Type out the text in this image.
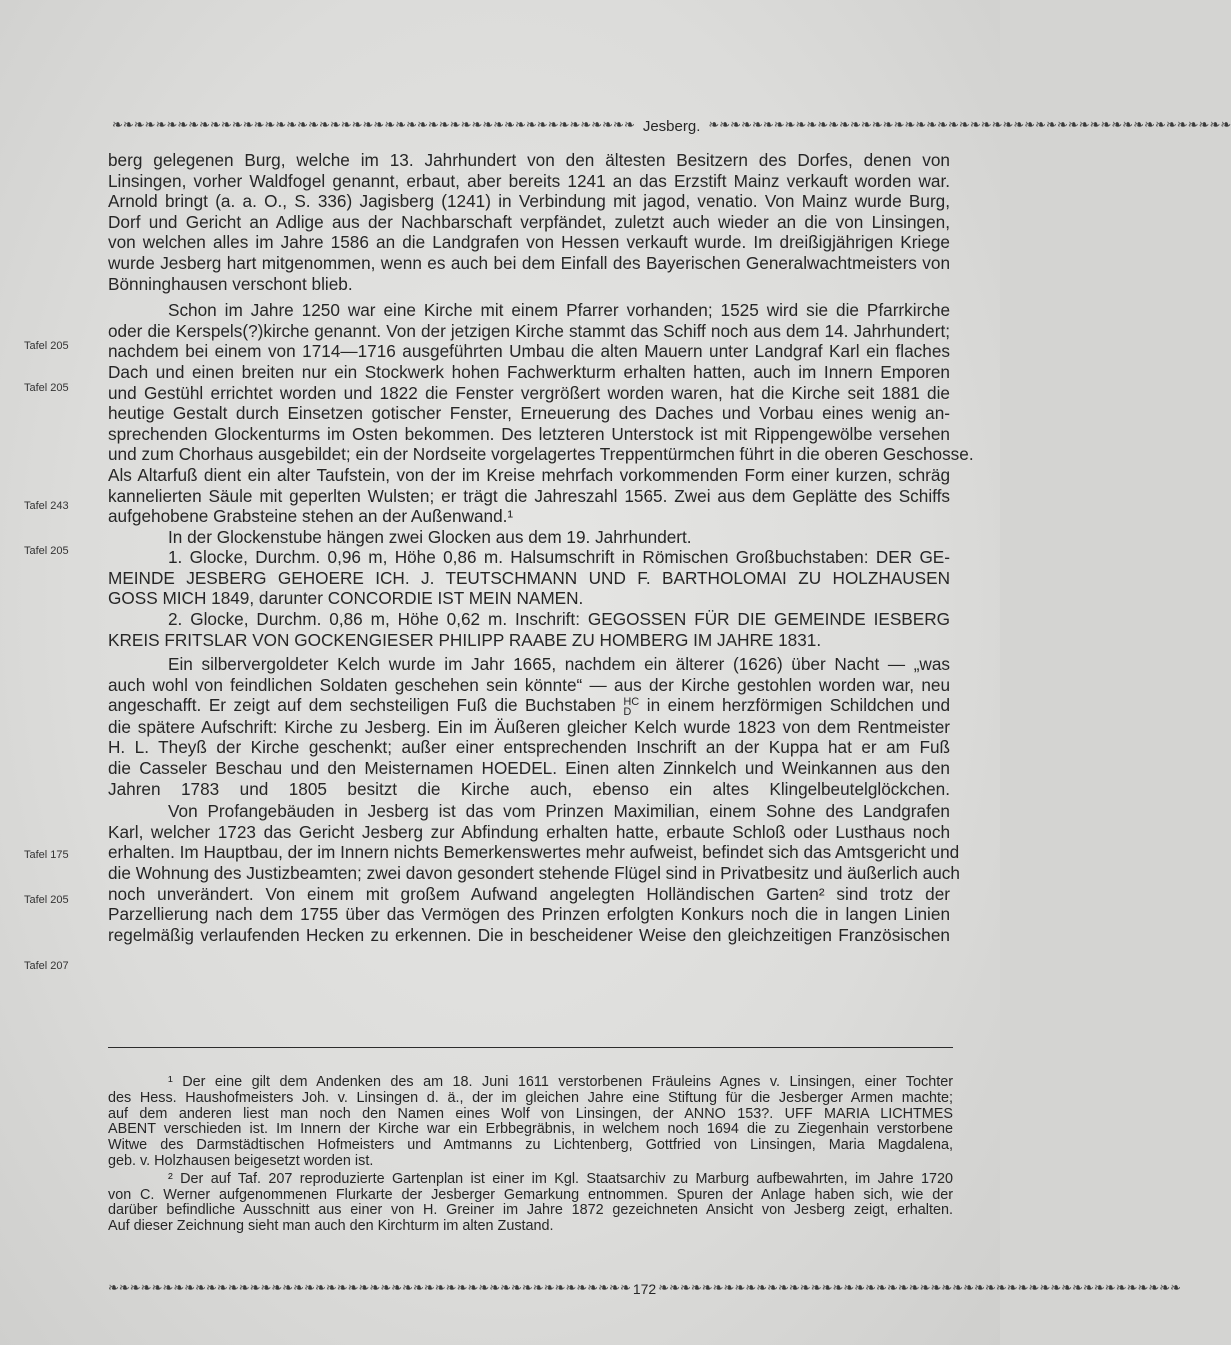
❧❧❧❧❧❧❧❧❧❧❧❧❧❧❧❧❧❧❧❧❧❧❧❧❧❧❧❧❧❧❧❧❧❧❧❧❧❧❧❧❧❧❧❧❧❧❧❧ Jesberg. ❧❧❧❧❧❧❧❧❧❧❧❧❧❧❧❧❧❧❧❧❧❧❧❧❧❧❧❧❧❧❧❧❧❧❧❧❧❧❧❧❧❧❧❧❧❧❧❧
Tafel 205
Tafel 205
Tafel 243
Tafel 205
Tafel 175
Tafel 205
Tafel 207
berg gelegenen Burg, welche im 13. Jahrhundert von den ältesten Besitzern des Dorfes, denen von
Linsingen, vorher Waldfogel genannt, erbaut, aber bereits 1241 an das Erzstift Mainz verkauft worden war.
Arnold bringt (a. a. O., S. 336) Jagisberg (1241) in Verbindung mit jagod, venatio. Von Mainz wurde Burg,
Dorf und Gericht an Adlige aus der Nachbarschaft verpfändet, zuletzt auch wieder an die von Linsingen,
von welchen alles im Jahre 1586 an die Landgrafen von Hessen verkauft wurde. Im dreißigjährigen Kriege
wurde Jesberg hart mitgenommen, wenn es auch bei dem Einfall des Bayerischen Generalwachtmeisters von
Bönninghausen verschont blieb.
Schon im Jahre 1250 war eine Kirche mit einem Pfarrer vorhanden; 1525 wird sie die Pfarrkirche
oder die Kerspels(?)kirche genannt. Von der jetzigen Kirche stammt das Schiff noch aus dem 14. Jahrhundert;
nachdem bei einem von 1714—1716 ausgeführten Umbau die alten Mauern unter Landgraf Karl ein flaches
Dach und einen breiten nur ein Stockwerk hohen Fachwerkturm erhalten hatten, auch im Innern Emporen
und Gestühl errichtet worden und 1822 die Fenster vergrößert worden waren, hat die Kirche seit 1881 die
heutige Gestalt durch Einsetzen gotischer Fenster, Erneuerung des Daches und Vorbau eines wenig an-
sprechenden Glockenturms im Osten bekommen. Des letzteren Unterstock ist mit Rippengewölbe versehen
und zum Chorhaus ausgebildet; ein der Nordseite vorgelagertes Treppentürmchen führt in die oberen Geschosse.
Als Altarfuß dient ein alter Taufstein, von der im Kreise mehrfach vorkommenden Form einer kurzen, schräg
kannelierten Säule mit geperlten Wulsten; er trägt die Jahreszahl 1565. Zwei aus dem Geplätte des Schiffs
aufgehobene Grabsteine stehen an der Außenwand.¹
In der Glockenstube hängen zwei Glocken aus dem 19. Jahrhundert.
1. Glocke, Durchm. 0,96 m, Höhe 0,86 m. Halsumschrift in Römischen Großbuchstaben: DER GE-
MEINDE JESBERG GEHOERE ICH. J. TEUTSCHMANN UND F. BARTHOLOMAI ZU HOLZHAUSEN
GOSS MICH 1849, darunter CONCORDIE IST MEIN NAMEN.
2. Glocke, Durchm. 0,86 m, Höhe 0,62 m. Inschrift: GEGOSSEN FÜR DIE GEMEINDE IESBERG
KREIS FRITSLAR VON GOCKENGIESER PHILIPP RAABE ZU HOMBERG IM JAHRE 1831.
Ein silbervergoldeter Kelch wurde im Jahr 1665, nachdem ein älterer (1626) über Nacht — „was
auch wohl von feindlichen Soldaten geschehen sein könnte“ — aus der Kirche gestohlen worden war, neu
angeschafft. Er zeigt auf dem sechsteiligen Fuß die Buchstaben HC
D in einem herzförmigen Schildchen und
die spätere Aufschrift: Kirche zu Jesberg. Ein im Äußeren gleicher Kelch wurde 1823 von dem Rentmeister
H. L. Theyß der Kirche geschenkt; außer einer entsprechenden Inschrift an der Kuppa hat er am Fuß
die Casseler Beschau und den Meisternamen HOEDEL. Einen alten Zinnkelch und Weinkannen aus den
Jahren 1783 und 1805 besitzt die Kirche auch, ebenso ein altes Klingelbeutelglöckchen.
Von Profangebäuden in Jesberg ist das vom Prinzen Maximilian, einem Sohne des Landgrafen
Karl, welcher 1723 das Gericht Jesberg zur Abfindung erhalten hatte, erbaute Schloß oder Lusthaus noch
erhalten. Im Hauptbau, der im Innern nichts Bemerkenswertes mehr aufweist, befindet sich das Amtsgericht und
die Wohnung des Justizbeamten; zwei davon gesondert stehende Flügel sind in Privatbesitz und äußerlich auch
noch unverändert. Von einem mit großem Aufwand angelegten Holländischen Garten² sind trotz der
Parzellierung nach dem 1755 über das Vermögen des Prinzen erfolgten Konkurs noch die in langen Linien
regelmäßig verlaufenden Hecken zu erkennen. Die in bescheidener Weise den gleichzeitigen Französischen
¹ Der eine gilt dem Andenken des am 18. Juni 1611 verstorbenen Fräuleins Agnes v. Linsingen, einer Tochter
des Hess. Haushofmeisters Joh. v. Linsingen d. ä., der im gleichen Jahre eine Stiftung für die Jesberger Armen machte;
auf dem anderen liest man noch den Namen eines Wolf von Linsingen, der ANNO 153?. UFF MARIA LICHTMES
ABENT verschieden ist. Im Innern der Kirche war ein Erbbegräbnis, in welchem noch 1694 die zu Ziegenhain verstorbene
Witwe des Darmstädtischen Hofmeisters und Amtmanns zu Lichtenberg, Gottfried von Linsingen, Maria Magdalena,
geb. v. Holzhausen beigesetzt worden ist.
² Der auf Taf. 207 reproduzierte Gartenplan ist einer im Kgl. Staatsarchiv zu Marburg aufbewahrten, im Jahre 1720
von C. Werner aufgenommenen Flurkarte der Jesberger Gemarkung entnommen. Spuren der Anlage haben sich, wie der
darüber befindliche Ausschnitt aus einer von H. Greiner im Jahre 1872 gezeichneten Ansicht von Jesberg zeigt, erhalten.
Auf dieser Zeichnung sieht man auch den Kirchturm im alten Zustand.
❧❧❧❧❧❧❧❧❧❧❧❧❧❧❧❧❧❧❧❧❧❧❧❧❧❧❧❧❧❧❧❧❧❧❧❧❧❧❧❧❧❧❧❧❧❧❧❧ 172 ❧❧❧❧❧❧❧❧❧❧❧❧❧❧❧❧❧❧❧❧❧❧❧❧❧❧❧❧❧❧❧❧❧❧❧❧❧❧❧❧❧❧❧❧❧❧❧❧
